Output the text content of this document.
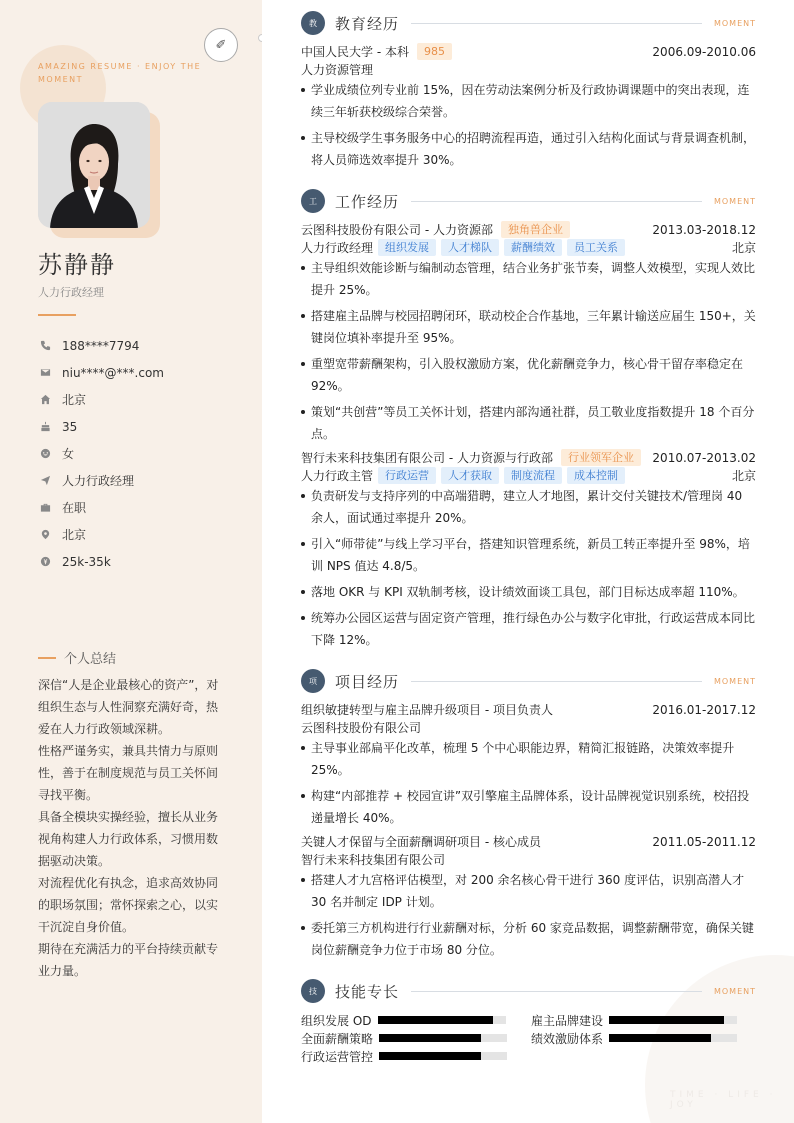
✐
AMAZING RESUME · ENJOY THE MOMENT
苏静静
人力行政经理
188****7794
niu****@***.com
北京
35
女
人力行政经理
在职
北京
25k-35k
个人总结

深信“人是企业最核心的资产”，对组织生态与人性洞察充满好奇，热爱在人力行政领域深耕。

性格严谨务实，兼具共情力与原则性，善于在制度规范与员工关怀间寻找平衡。

具备全模块实操经验，擅长从业务视角构建人力行政体系，习惯用数据驱动决策。

对流程优化有执念，追求高效协同的职场氛围；常怀探索之心，以实干沉淀自身价值。

期待在充满活力的平台持续贡献专业力量。

TIME · LIFE · JOY
教	教育经历	MOMENT
中国人民大学 - 本科	985	2006.09-2010.06
人力资源管理
学业成绩位列专业前 15%，因在劳动法案例分析及行政协调课题中的突出表现，连续三年斩获校级综合荣誉。
主导校级学生事务服务中心的招聘流程再造，通过引入结构化面试与背景调查机制，将人员筛选效率提升 30%。
工	工作经历	MOMENT
云图科技股份有限公司 - 人力资源部	独角兽企业	2013.03-2018.12
人力行政经理	组织发展	人才梯队	薪酬绩效	员工关系	北京
主导组织效能诊断与编制动态管理，结合业务扩张节奏，调整人效模型，实现人效比提升 25%。
搭建雇主品牌与校园招聘闭环，联动校企合作基地，三年累计输送应届生 150+，关键岗位填补率提升至 95%。
重塑宽带薪酬架构，引入股权激励方案，优化薪酬竞争力，核心骨干留存率稳定在 92%。
策划“共创营”等员工关怀计划，搭建内部沟通社群，员工敬业度指数提升 18 个百分点。
智行未来科技集团有限公司 - 人力资源与行政部	行业领军企业	2010.07-2013.02
人力行政主管	行政运营	人才获取	制度流程	成本控制	北京
负责研发与支持序列的中高端猎聘，建立人才地图，累计交付关键技术/管理岗 40 余人，面试通过率提升 20%。
引入“师带徒”与线上学习平台，搭建知识管理系统，新员工转正率提升至 98%，培训 NPS 值达 4.8/5。
落地 OKR 与 KPI 双轨制考核，设计绩效面谈工具包，部门目标达成率超 110%。
统筹办公园区运营与固定资产管理，推行绿色办公与数字化审批，行政运营成本同比下降 12%。
项	项目经历	MOMENT
组织敏捷转型与雇主品牌升级项目 - 项目负责人	2016.01-2017.12
云图科技股份有限公司
主导事业部扁平化改革，梳理 5 个中心职能边界，精简汇报链路，决策效率提升 25%。
构建“内部推荐 + 校园宣讲”双引擎雇主品牌体系，设计品牌视觉识别系统，校招投递量增长 40%。
关键人才保留与全面薪酬调研项目 - 核心成员	2011.05-2011.12
智行未来科技集团有限公司
搭建人才九宫格评估模型，对 200 余名核心骨干进行 360 度评估，识别高潜人才 30 名并制定 IDP 计划。
委托第三方机构进行行业薪酬对标，分析 60 家竞品数据，调整薪酬带宽，确保关键岗位薪酬竞争力位于市场 80 分位。
技	技能专长	MOMENT
组织发展 OD	雇主品牌建设
全面薪酬策略	绩效激励体系
行政运营管控
